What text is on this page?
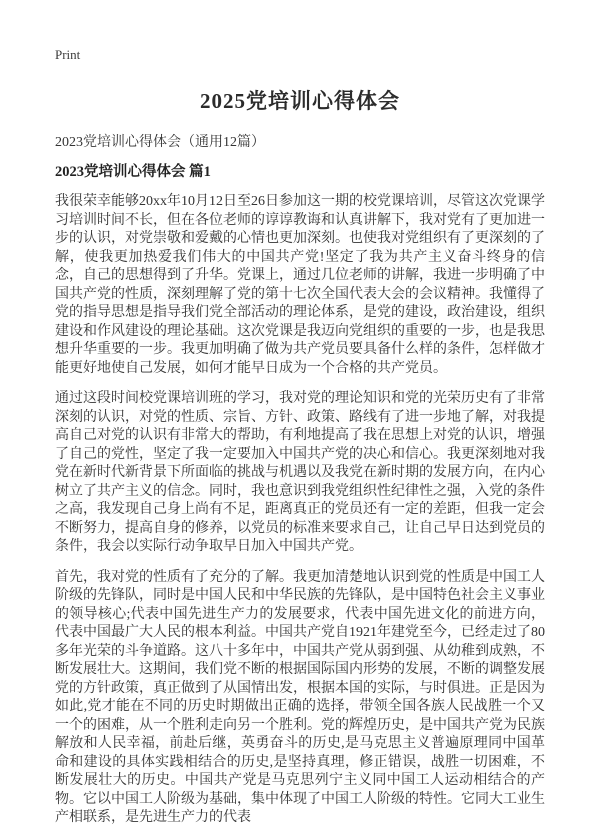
Print
2025党培训心得体会
2023党培训心得体会（通用12篇）
2023党培训心得体会 篇1

我很荣幸能够20xx年10月12日至26日参加这一期的校党课培训，尽管这次党课学习培训时间不长，但在各位老师的谆谆教诲和认真讲解下，我对党有了更加进一步的认识，对党崇敬和爱戴的心情也更加深刻。也使我对党组织有了更深刻的了解，使我更加热爱我们伟大的中国共产党!坚定了我为共产主义奋斗终身的信念，自己的思想得到了升华。党课上，通过几位老师的讲解，我进一步明确了中国共产党的性质，深刻理解了党的第十七次全国代表大会的会议精神。我懂得了党的指导思想是指导我们党全部活动的理论体系，是党的建设，政治建设，组织建设和作风建设的理论基础。这次党课是我迈向党组织的重要的一步，也是我思想升华重要的一步。我更加明确了做为共产党员要具备什么样的条件，怎样做才能更好地使自己发展，如何才能早日成为一个合格的共产党员。

通过这段时间校党课培训班的学习，我对党的理论知识和党的光荣历史有了非常深刻的认识，对党的性质、宗旨、方针、政策、路线有了进一步地了解，对我提高自己对党的认识有非常大的帮助，有利地提高了我在思想上对党的认识，增强了自己的党性，坚定了我一定要加入中国共产党的决心和信心。我更深刻地对我党在新时代新背景下所面临的挑战与机遇以及我党在新时期的发展方向，在内心树立了共产主义的信念。同时，我也意识到我党组织性纪律性之强，入党的条件之高，我发现自己身上尚有不足，距离真正的党员还有一定的差距，但我一定会不断努力，提高自身的修养，以党员的标准来要求自己，让自己早日达到党员的条件，我会以实际行动争取早日加入中国共产党。

首先，我对党的性质有了充分的了解。我更加清楚地认识到党的性质是中国工人阶级的先锋队，同时是中国人民和中华民族的先锋队，是中国特色社会主义事业的领导核心;代表中国先进生产力的发展要求，代表中国先进文化的前进方向，代表中国最广大人民的根本利益。中国共产党自1921年建党至今，已经走过了80多年光荣的斗争道路。这八十多年中，中国共产党从弱到强、从幼稚到成熟，不断发展壮大。这期间，我们党不断的根据国际国内形势的发展，不断的调整发展党的方针政策，真正做到了从国情出发，根据本国的实际，与时俱进。正是因为如此,党才能在不同的历史时期做出正确的选择，带领全国各族人民战胜一个又一个的困难，从一个胜利走向另一个胜利。党的辉煌历史，是中国共产党为民族解放和人民幸福，前赴后继，英勇奋斗的历史,是马克思主义普遍原理同中国革命和建设的具体实践相结合的历史,是坚持真理，修正错误，战胜一切困难，不断发展壮大的历史。中国共产党是马克思列宁主义同中国工人运动相结合的产物。它以中国工人阶级为基础，集中体现了中国工人阶级的特性。它同大工业生产相联系，是先进生产力的代表
